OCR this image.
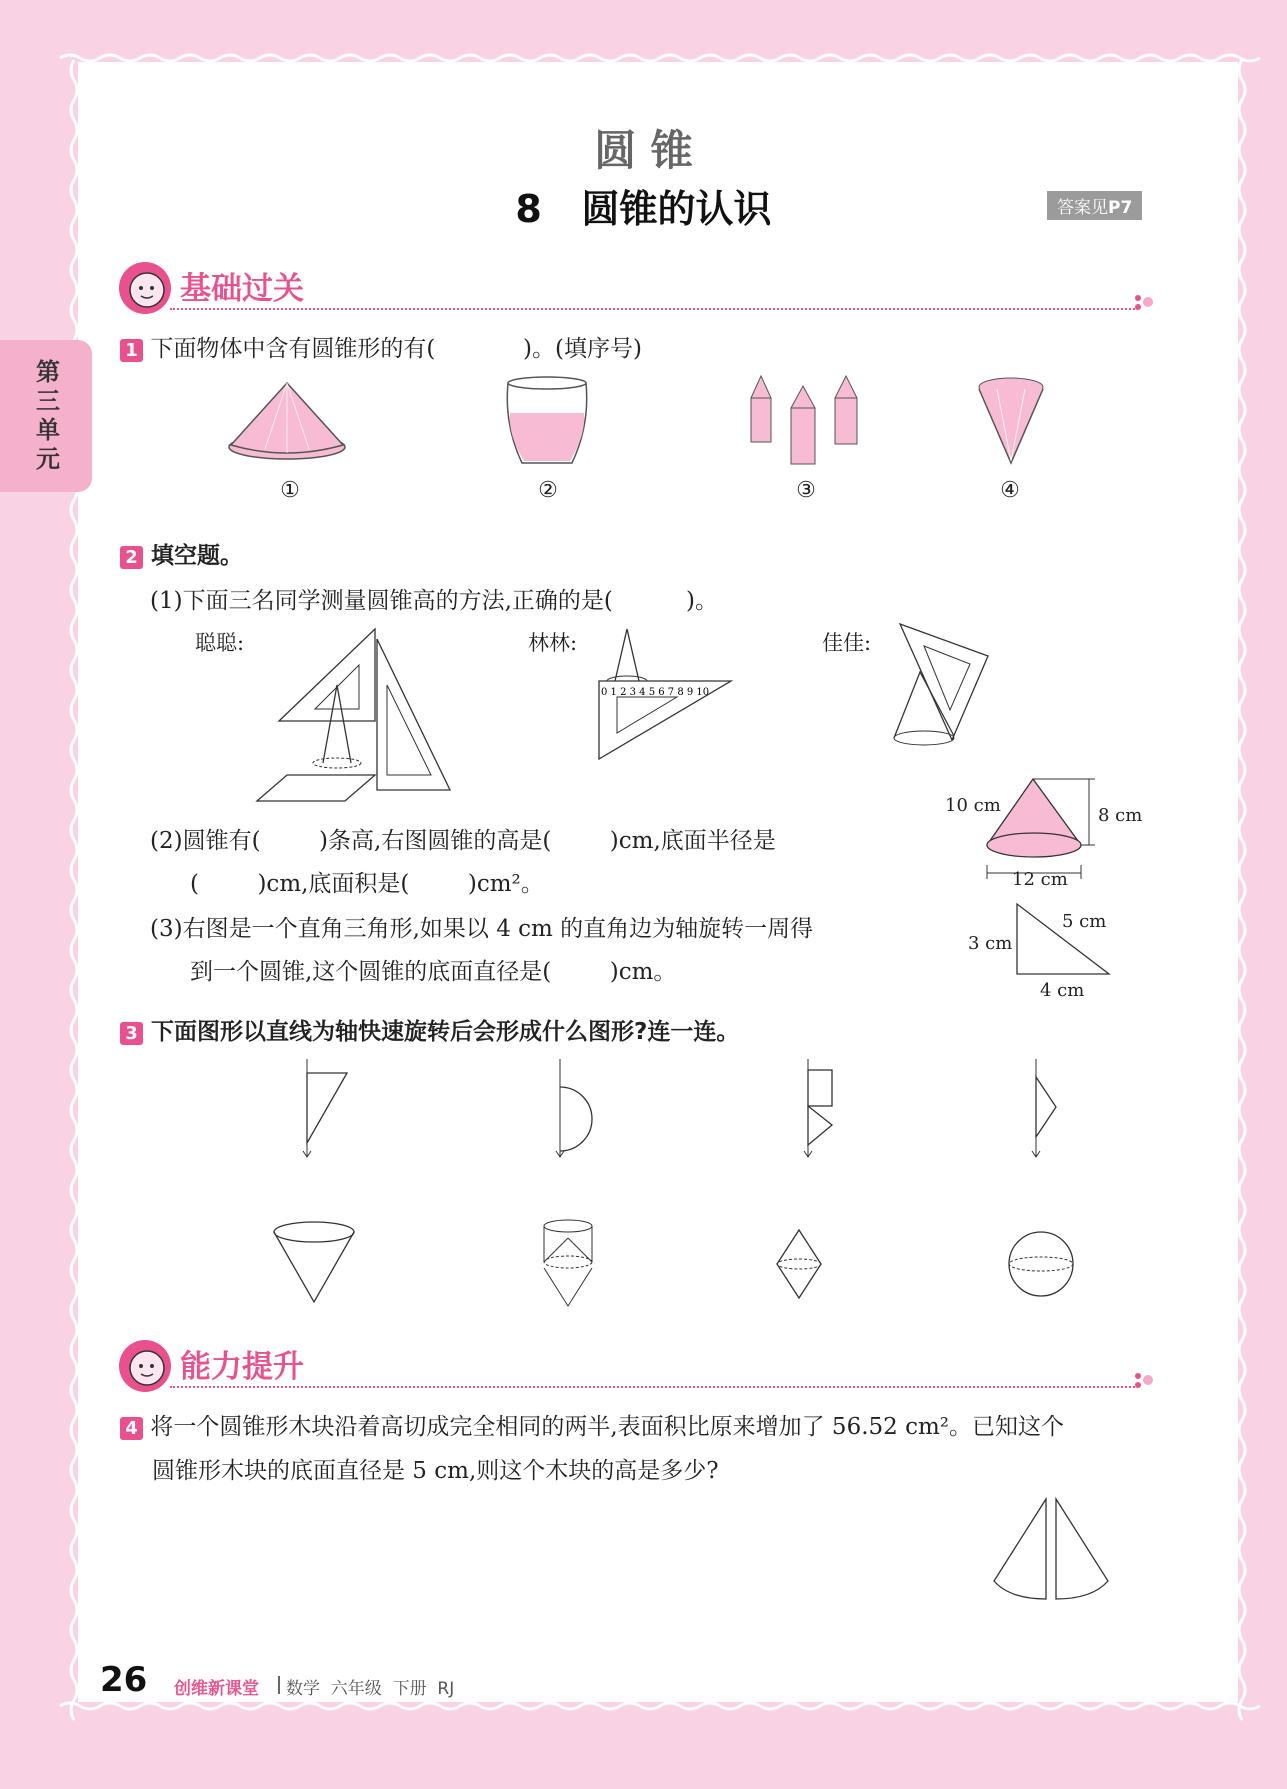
第三单元
圆 锥
8   圆锥的认识	答案见P7
基础过关
1 下面物体中含有圆锥形的有(            )。(填序号)
①	②	③	④
2 填空题。
(1)下面三名同学测量圆锥高的方法,正确的是(          )。
聪聪:	林林:	佳佳:
0 1 2 3 4 5 6 7 8 9 10
(2)圆锥有(        )条高,右图圆锥的高是(        )cm,底面半径是
(        )cm,底面积是(        )cm²。
10 cm	8 cm
12 cm
(3)右图是一个直角三角形,如果以 4 cm 的直角边为轴旋转一周得
到一个圆锥,这个圆锥的底面直径是(        )cm。
5 cm
3 cm
4 cm
3 下面图形以直线为轴快速旋转后会形成什么图形?连一连。
能力提升
4 将一个圆锥形木块沿着高切成完全相同的两半,表面积比原来增加了 56.52 cm²。已知这个
圆锥形木块的底面直径是 5 cm,则这个木块的高是多少?
26 创维新课堂 数学  六年级  下册  RJ
